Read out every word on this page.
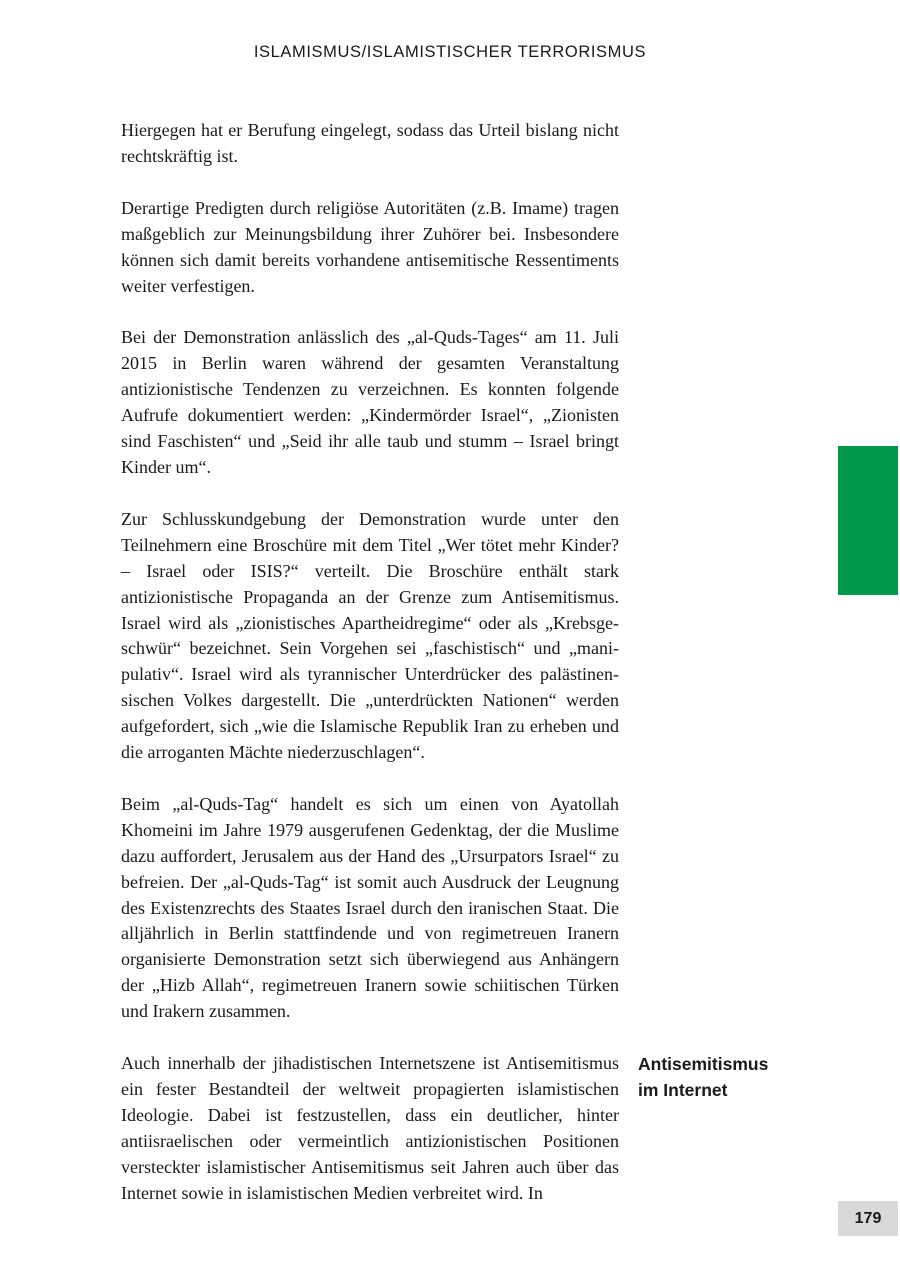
ISLAMISMUS/ISLAMISTISCHER TERRORISMUS

Hiergegen hat er Berufung eingelegt, sodass das Urteil bislang nicht rechtskräftig ist.

Derartige Predigten durch religiöse Autoritäten (z.B. Imame) tragen maßgeblich zur Meinungsbildung ihrer Zuhörer bei. Insbesondere können sich damit bereits vorhandene antisemitische Ressentiments weiter verfestigen.

Bei der Demonstration anlässlich des „al-Quds-Tages“ am 11. Juli 2015 in Berlin waren während der gesamten Veranstaltung antizionistische Tendenzen zu verzeichnen. Es konnten folgende Aufrufe dokumentiert werden: „Kindermörder Israel“, „Zionisten sind Faschisten“ und „Seid ihr alle taub und stumm – Israel bringt Kinder um“.

Zur Schlusskundgebung der Demonstration wurde unter den Teilnehmern eine Broschüre mit dem Titel „Wer tötet mehr Kinder? – Israel oder ISIS?“ verteilt. Die Broschüre enthält stark antizionistische Propaganda an der Grenze zum Antisemitismus. Israel wird als „zionistisches Apartheidregime“ oder als „Krebsgeschwür“ bezeichnet. Sein Vorgehen sei „faschistisch“ und „manipulativ“. Israel wird als tyrannischer Unterdrücker des palästinensischen Volkes dargestellt. Die „unterdrückten Nationen“ werden aufgefordert, sich „wie die Islamische Republik Iran zu erheben und die arroganten Mächte niederzuschlagen“.

Beim „al-Quds-Tag“ handelt es sich um einen von Ayatollah Khomeini im Jahre 1979 ausgerufenen Gedenktag, der die Muslime dazu auffordert, Jerusalem aus der Hand des „Ursurpators Israel“ zu befreien. Der „al-Quds-Tag“ ist somit auch Ausdruck der Leugnung des Existenzrechts des Staates Israel durch den iranischen Staat. Die alljährlich in Berlin stattfindende und von regimetreuen Iranern organisierte Demonstration setzt sich überwiegend aus Anhängern der „Hizb Allah“, regimetreuen Iranern sowie schiitischen Türken und Irakern zusammen.

Auch innerhalb der jihadistischen Internetszene ist Antisemitismus ein fester Bestandteil der weltweit propagierten islamistischen Ideologie. Dabei ist festzustellen, dass ein deutlicher, hinter antiisraelischen oder vermeintlich antizionistischen Positionen versteckter islamistischer Antisemitismus seit Jahren auch über das Internet sowie in islamistischen Medien verbreitet wird. In

Antisemitismus
im Internet
179
